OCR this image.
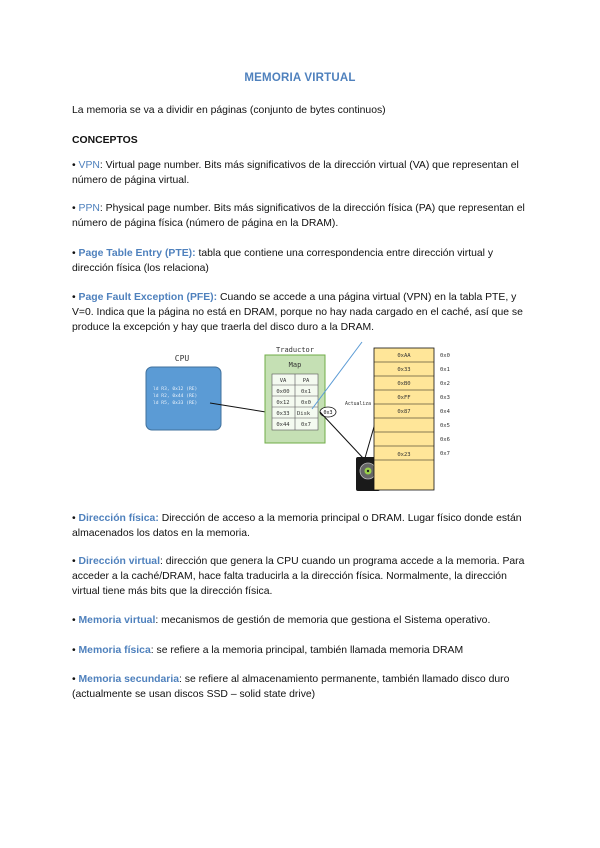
MEMORIA VIRTUAL
La memoria se va a dividir en páginas (conjunto de bytes continuos)
CONCEPTOS
• VPN: Virtual page number. Bits más significativos de la dirección virtual (VA) que representan el número de página virtual.
• PPN: Physical page number. Bits más significativos de la dirección física (PA) que representan el número de página física (número de página en la DRAM).
• Page Table Entry (PTE): tabla que contiene una correspondencia entre dirección virtual y dirección física (los relaciona)
• Page Fault Exception (PFE): Cuando se accede a una página virtual (VPN) en la tabla PTE, y V=0. Indica que la página no está en DRAM, porque no hay nada cargado en el caché, así que se produce la excepción y hay que traerla del disco duro a la DRAM.
CPU
ld R3, 0x12 (RE)
ld R2, 0x44 (RE)
ld R5, 0x33 (RE)
Traductor
Map
VA	PA
0x00 0x1
0x12 0x0
0x33 Disk
0x44 0x7
0x3
Actualiza
0xAA
0x33
0xB0
0xFF
0x87
0x23
0x0
0x1
0x2
0x3
0x4
0x5
0x6
0x7
• Dirección física: Dirección de acceso a la memoria principal o DRAM. Lugar físico donde están almacenados los datos en la memoria.
• Dirección virtual: dirección que genera la CPU cuando un programa accede a la memoria. Para acceder a la caché/DRAM, hace falta traducirla a la dirección física. Normalmente, la dirección virtual tiene más bits que la dirección física.
• Memoria virtual: mecanismos de gestión de memoria que gestiona el Sistema operativo.
• Memoria física: se refiere a la memoria principal, también llamada memoria DRAM
• Memoria secundaria: se refiere al almacenamiento permanente, también llamado disco duro (actualmente se usan discos SSD – solid state drive)
